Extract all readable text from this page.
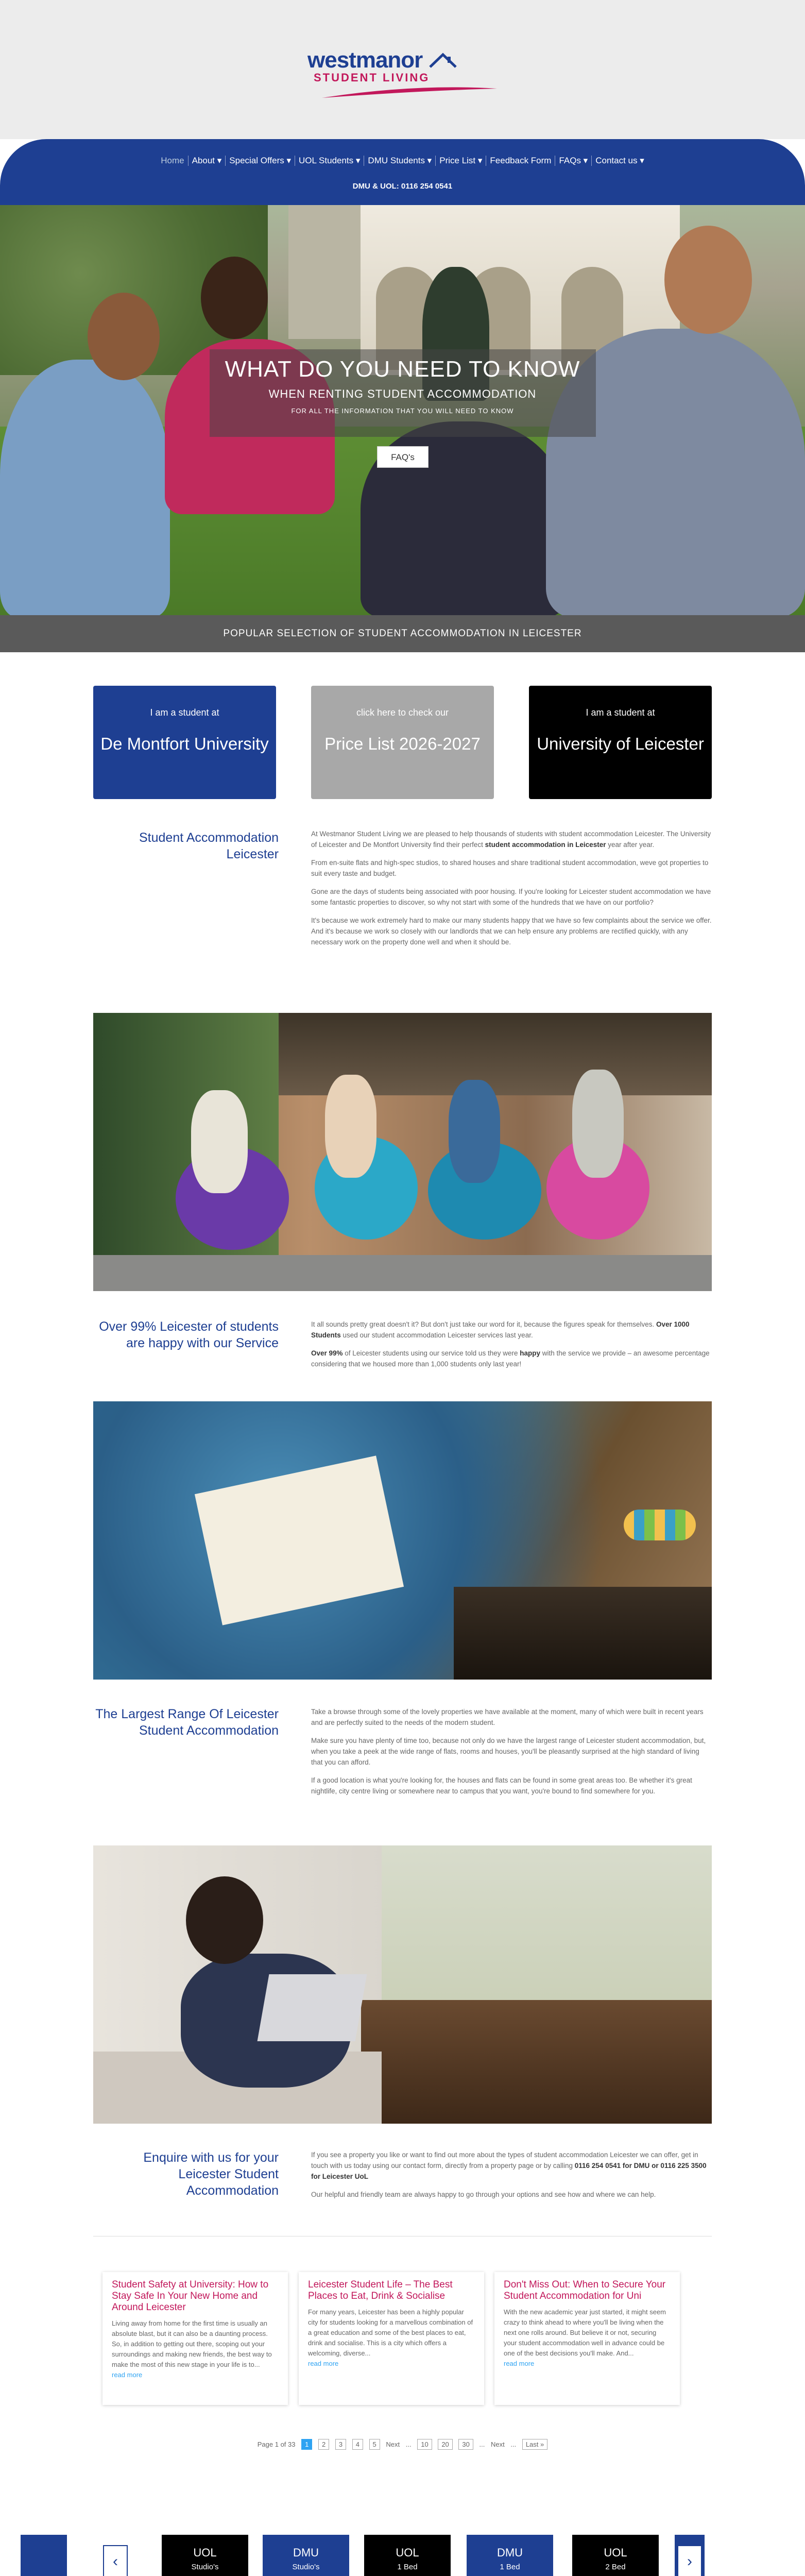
westmanor
STUDENT LIVING
Home About ▾ Special Offers ▾ UOL Students ▾ DMU Students ▾ Price List ▾ Feedback Form FAQs ▾ Contact us ▾
DMU & UOL: 0116 254 0541
WHAT DO YOU NEED TO KNOW
WHEN RENTING STUDENT ACCOMMODATION
FOR ALL THE INFORMATION THAT YOU WILL NEED TO KNOW
FAQ's
POPULAR SELECTION OF STUDENT ACCOMMODATION IN LEICESTER
I am a student at
De Montfort University
click here to check our
Price List 2026-2027
I am a student at
University of Leicester
Student Accommodation Leicester

At Westmanor Student Living we are pleased to help thousands of students with student accommodation Leicester. The University of Leicester and De Montfort University find their perfect student accommodation in Leicester year after year.

From en-suite flats and high-spec studios, to shared houses and share traditional student accommodation, weve got properties to suit every taste and budget.

Gone are the days of students being associated with poor housing. If you're looking for Leicester student accommodation we have some fantastic properties to discover, so why not start with some of the hundreds that we have on our portfolio?

It's because we work extremely hard to make our many students happy that we have so few complaints about the service we offer. And it's because we work so closely with our landlords that we can help ensure any problems are rectified quickly, with any necessary work on the property done well and when it should be.

Over 99% Leicester of students are happy with our Service

It all sounds pretty great doesn't it? But don't just take our word for it, because the figures speak for themselves. Over 1000 Students used our student accommodation Leicester services last year.

Over 99% of Leicester students using our service told us they were happy with the service we provide – an awesome percentage considering that we housed more than 1,000 students only last year!

The Largest Range Of Leicester Student Accommodation

Take a browse through some of the lovely properties we have available at the moment, many of which were built in recent years and are perfectly suited to the needs of the modern student.

Make sure you have plenty of time too, because not only do we have the largest range of Leicester student accommodation, but, when you take a peek at the wide range of flats, rooms and houses, you'll be pleasantly surprised at the high standard of living that you can afford.

If a good location is what you're looking for, the houses and flats can be found in some great areas too. Be whether it's great nightlife, city centre living or somewhere near to campus that you want, you're bound to find somewhere for you.

Enquire with us for your Leicester Student Accommodation

If you see a property you like or want to find out more about the types of student accommodation Leicester we can offer, get in touch with us today using our contact form, directly from a property page or by calling 0116 254 0541 for DMU or 0116 225 3500 for Leicester UoL

Our helpful and friendly team are always happy to go through your options and see how and where we can help.

Student Safety at University: How to Stay Safe In Your New Home and Around Leicester
Living away from home for the first time is usually an absolute blast, but it can also be a daunting process. So, in addition to getting out there, scoping out your surroundings and making new friends, the best way to make the most of this new stage in your life is to...
read more
Leicester Student Life – The Best Places to Eat, Drink & Socialise
For many years, Leicester has been a highly popular city for students looking for a marvellous combination of a great education and some of the best places to eat, drink and socialise. This is a city which offers a welcoming, diverse...
read more
Don't Miss Out: When to Secure Your Student Accommodation for Uni
With the new academic year just started, it might seem crazy to think ahead to where you'll be living when the next one rolls around. But believe it or not, securing your student accommodation well in advance could be one of the best decisions you'll make. And...
read more
Page 1 of 33 1 2 3 4 5 Next ... 10 20 30 ... Next ... Last »
‹
UOL
Studio's
DMU
Studio's
UOL
1 Bed
DMU
1 Bed
UOL
2 Bed	›
